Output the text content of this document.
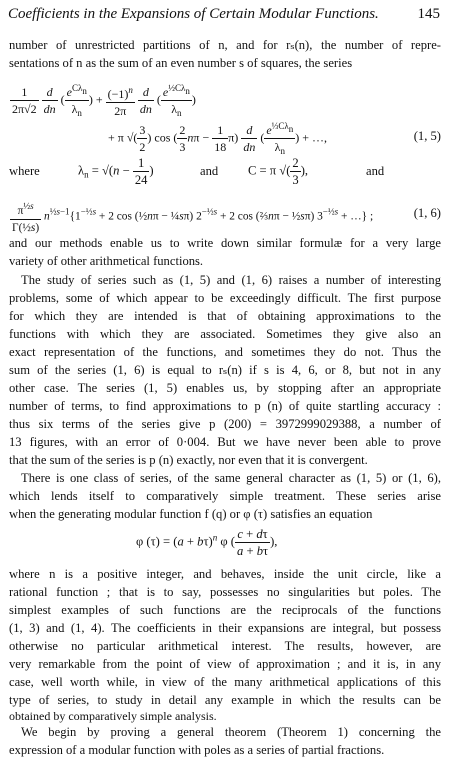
Coefficients in the Expansions of Certain Modular Functions.	145
number of unrestricted partitions of n, and for rₛ(n), the number of repre-
sentations of n as the sum of an even number s of squares, the series
$\frac{1}{2\pi√2}$
$\frac{d}{dn}$ ( $\frac{e^{C\lambda n}}{\lambda_n}$ ) + $\frac{(-1)^n}{2\pi}$
$\frac{d}{dn}$ ( $\frac{e^{\frac{1}{2}C\lambda n}}{\lambda_n}$ )
+ π √( $\frac{3}{2}$ ) cos ( $\frac{2}{3}$ $n\pi - \frac{1}{18} \pi) \frac{d}{dn}$ ( $\frac{e^{\frac{1}{3}C\lambda n}}{\lambda_n}$ ) + …,	(1, 5)
where	$\lambda_n = √(n - \frac{1}{24}$ )	and C = π √( $\frac{2}{3}$ ),	and
$\frac{\pi^{\frac{1}{2}s}}{\text{Γ(½s)}} n^{\frac{1}{2}s-1}\{1^{-\frac{1}{2}s} + 2$ cos (½nπ − ¼sπ) $2^{-\frac{1}{2}s} + 2$ cos (⅔nπ − ½sπ) $3^{-\frac{1}{2}s}$ + …} ;	(1, 6)
and our methods enable us to write down similar formulæ for a very large
variety of other arithmetical functions.
The study of series such as (1, 5) and (1, 6) raises a number of interesting
problems, some of which appear to be exceedingly difficult. The first purpose
for which they are intended is that of obtaining approximations to the
functions with which they are associated. Sometimes they give also an
exact representation of the functions, and sometimes they do not. Thus the
sum of the series (1, 6) is equal to rₛ(n) if s is 4, 6, or 8, but not in any
other case. The series (1, 5) enables us, by stopping after an appropriate
number of terms, to find approximations to p (n) of quite startling accuracy :
thus six terms of the series give p (200) = 3972999029388, a number of
13 figures, with an error of 0·004. But we have never been able to prove
that the sum of the series is p (n) exactly, nor even that it is convergent.
There is one class of series, of the same general character as (1, 5) or (1, 6),
which lends itself to comparatively simple treatment. These series arise
when the generating modular function f (q) or φ (τ) satisfies an equation
φ $(\tau) = (a + b\tau)^n$ φ ( $\frac{c + d\tau}{a + b\tau}$ ),
where n is a positive integer, and behaves, inside the unit circle, like a
rational function ; that is to say, possesses no singularities but poles. The
simplest examples of such functions are the reciprocals of the functions
(1, 3) and (1, 4). The coefficients in their expansions are integral, but possess
otherwise no particular arithmetical interest. The results, however, are
very remarkable from the point of view of approximation ; and it is, in any
case, well worth while, in view of the many arithmetical applications of this
type of series, to study in detail any example in which the results can be
obtained by comparatively simple analysis.
We begin by proving a general theorem (Theorem 1) concerning the
expression of a modular function with poles as a series of partial fractions.
